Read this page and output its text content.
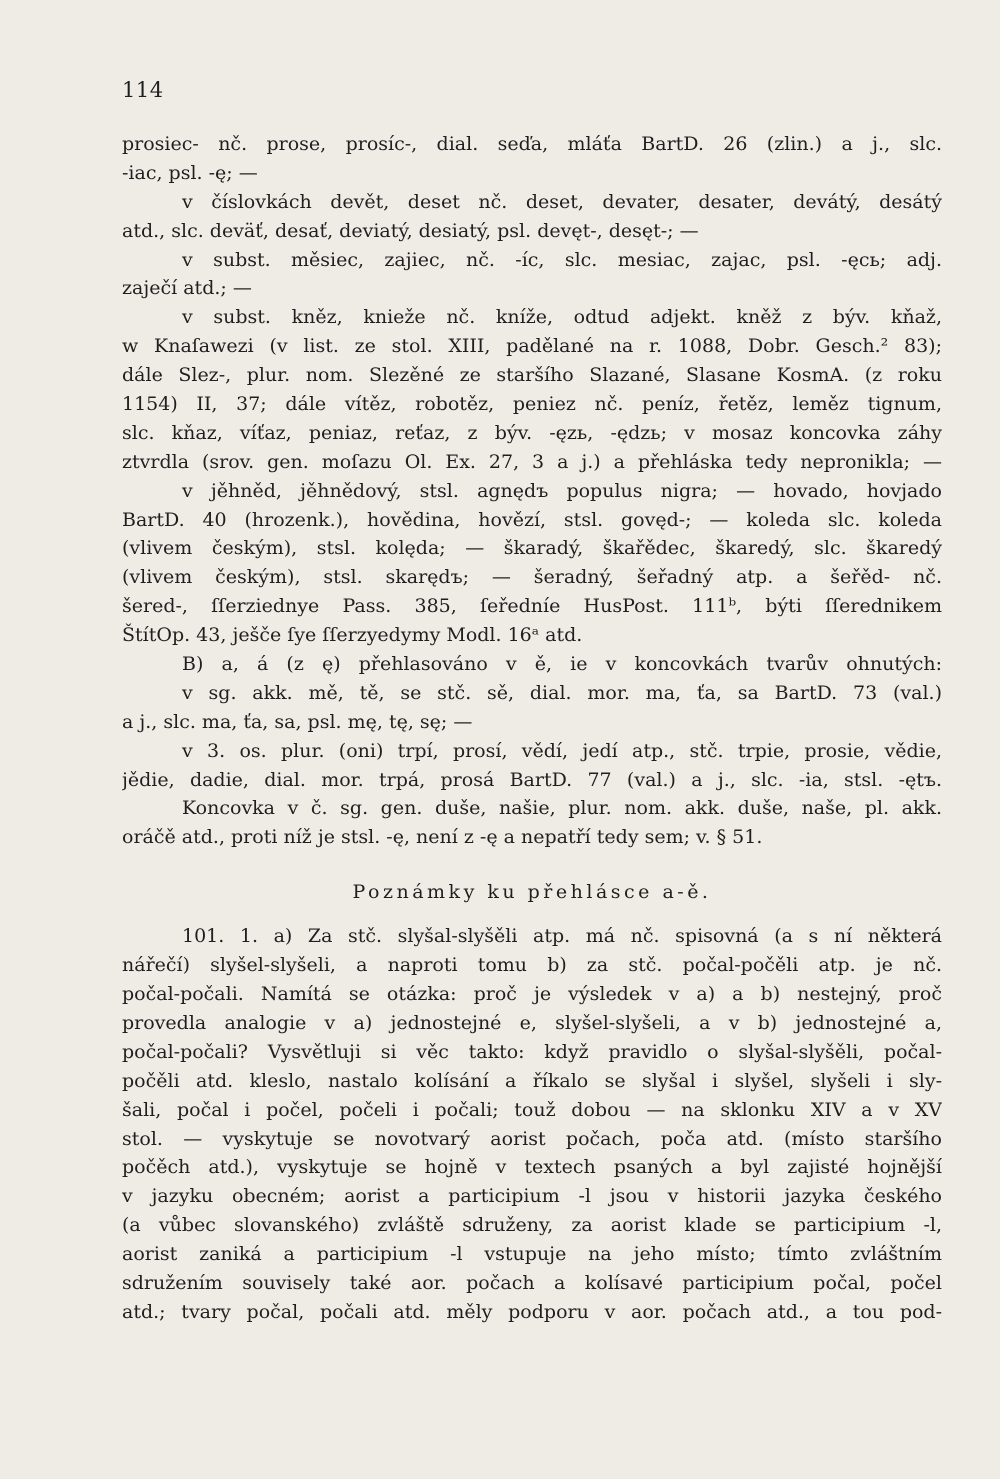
114
prosiec- nč. prose, prosíc-, dial. seďa, mláťa BartD. 26 (zlin.) a j., slc.
-iac, psl. -ę; —
v číslovkách devět, deset nč. deset, devater, desater, devátý, desátý
atd., slc. deväť, desať, deviatý, desiatý, psl. devęt-, desęt-; —
v subst. měsiec, zajiec, nč. -íc, slc. mesiac, zajac, psl. -ęсь; adj.
zaječí atd.; —
v subst. kněz, knieže nč. kníže, odtud adjekt. kněž z býv. kňaž,
w Knaſawezi (v list. ze stol. XIII, padělané na r. 1088, Dobr. Gesch.² 83);
dále Slez-, plur. nom. Slezěné ze staršího Slazané, Slasane KosmA. (z roku
1154) II, 37; dále vítěz, robotěz, peniez nč. peníz, řetěz, leměz tignum,
slc. kňaz, víťaz, peniaz, reťaz, z býv. -ęzь, -ędzь; v mosaz koncovka záhy
ztvrdla (srov. gen. moſazu Ol. Ex. 27, 3 a j.) a přehláska tedy nepronikla; —
v jěhněd, jěhnědový, stsl. agnędъ populus nigra; — hovado, hovjado
BartD. 40 (hrozenk.), hovědina, hovězí, stsl. govęd-; — koleda slc. koleda
(vlivem českým), stsl. kolęda; — škaradý, škařědec, škaredý, slc. škaredý
(vlivem českým), stsl. skarędъ; — šeradný, šeřadný atp. a šeřěd- nč.
šered-, ſſerziednye Pass. 385, ſeředníe HusPost. 111ᵇ, býti ſſerednikem
ŠtítOp. 43, ješče ſye ſſerzyedymy Modl. 16ᵃ atd.
B) a, á (z ę) přehlasováno v ě, ie v koncovkách tvarův ohnutých:
v sg. akk. mě, tě, se stč. sě, dial. mor. ma, ťa, sa BartD. 73 (val.)
a j., slc. ma, ťa, sa, psl. mę, tę, sę; —
v 3. os. plur. (oni) trpí, prosí, vědí, jedí atp., stč. trpie, prosie, vědie,
jědie, dadie, dial. mor. trpá, prosá BartD. 77 (val.) a j., slc. -ia, stsl. -ętъ.
Koncovka v č. sg. gen. duše, našie, plur. nom. akk. duše, naše, pl. akk.
oráčě atd., proti níž je stsl. -ę, není z -ę a nepatří tedy sem; v. § 51.
Poznámky ku přehlásce a-ě.
101. 1. a) Za stč. slyšal-slyšěli atp. má nč. spisovná (a s ní některá
nářečí) slyšel-slyšeli, a naproti tomu b) za stč. počal-počěli atp. je nč.
počal-počali. Namítá se otázka: proč je výsledek v a) a b) nestejný, proč
provedla analogie v a) jednostejné e, slyšel-slyšeli, a v b) jednostejné a,
počal-počali? Vysvětluji si věc takto: když pravidlo o slyšal-slyšěli, počal-
počěli atd. kleslo, nastalo kolísání a říkalo se slyšal i slyšel, slyšeli i sly-
šali, počal i počel, počeli i počali; touž dobou — na sklonku XIV a v XV
stol. — vyskytuje se novotvarý aorist počach, poča atd. (místo staršího
počěch atd.), vyskytuje se hojně v textech psaných a byl zajisté hojnější
v jazyku obecném; aorist a participium -l jsou v historii jazyka českého
(a vůbec slovanského) zvláště sdruženy, za aorist klade se participium -l,
aorist zaniká a participium -l vstupuje na jeho místo; tímto zvláštním
sdružením souvisely také aor. počach a kolísavé participium počal, počel
atd.; tvary počal, počali atd. měly podporu v aor. počach atd., a tou pod-
